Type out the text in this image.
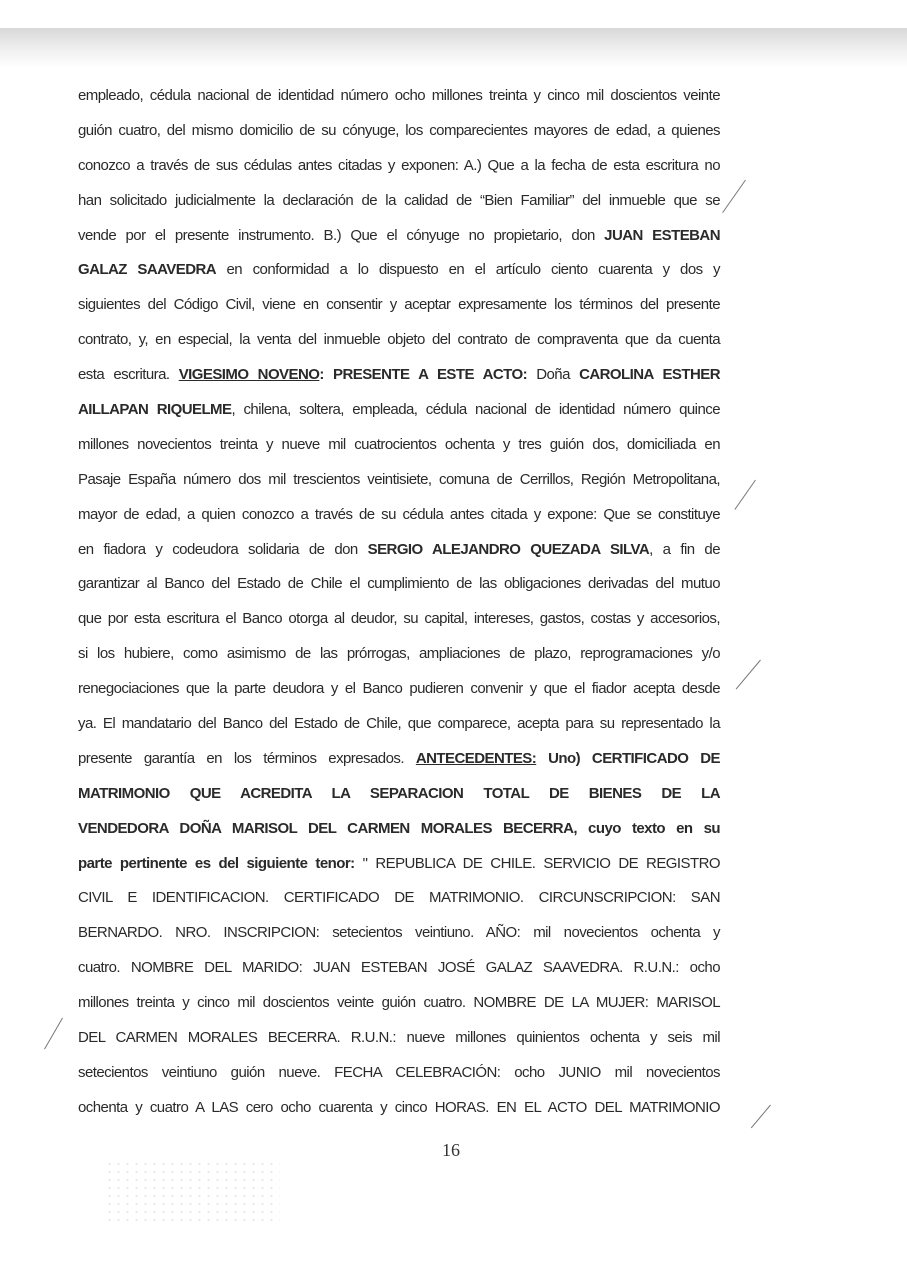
empleado, cédula nacional de identidad número ocho millones treinta y cinco mil doscientos veinte
guión cuatro, del mismo domicilio de su cónyuge, los comparecientes mayores de edad, a quienes
conozco a través de sus cédulas antes citadas y exponen: A.) Que a la fecha de esta escritura no
han solicitado judicialmente la declaración de la calidad de “Bien Familiar” del inmueble que se
vende por el presente instrumento. B.) Que el cónyuge no propietario, don JUAN ESTEBAN
GALAZ SAAVEDRA en conformidad a lo dispuesto en el artículo ciento cuarenta y dos y
siguientes del Código Civil, viene en consentir y aceptar expresamente los términos del presente
contrato, y, en especial, la venta del inmueble objeto del contrato de compraventa que da cuenta
esta escritura. VIGESIMO NOVENO: PRESENTE A ESTE ACTO: Doña CAROLINA ESTHER
AILLAPAN RIQUELME, chilena, soltera, empleada, cédula nacional de identidad número quince
millones novecientos treinta y nueve mil cuatrocientos ochenta y tres guión dos, domiciliada en
Pasaje España número dos mil trescientos veintisiete, comuna de Cerrillos, Región Metropolitana,
mayor de edad, a quien conozco a través de su cédula antes citada y expone: Que se constituye
en fiadora y codeudora solidaria de don SERGIO ALEJANDRO QUEZADA SILVA, a fin de
garantizar al Banco del Estado de Chile el cumplimiento de las obligaciones derivadas del mutuo
que por esta escritura el Banco otorga al deudor, su capital, intereses, gastos, costas y accesorios,
si los hubiere, como asimismo de las prórrogas, ampliaciones de plazo, reprogramaciones y/o
renegociaciones que la parte deudora y el Banco pudieren convenir y que el fiador acepta desde
ya. El mandatario del Banco del Estado de Chile, que comparece, acepta para su representado la
presente garantía en los términos expresados. ANTECEDENTES: Uno) CERTIFICADO DE
MATRIMONIO QUE ACREDITA LA SEPARACION TOTAL DE BIENES DE LA
VENDEDORA DOÑA MARISOL DEL CARMEN MORALES BECERRA, cuyo texto en su
parte pertinente es del siguiente tenor: " REPUBLICA DE CHILE. SERVICIO DE REGISTRO
CIVIL E IDENTIFICACION. CERTIFICADO DE MATRIMONIO. CIRCUNSCRIPCION: SAN
BERNARDO. NRO. INSCRIPCION: setecientos veintiuno. AÑO: mil novecientos ochenta y
cuatro. NOMBRE DEL MARIDO: JUAN ESTEBAN JOSÉ GALAZ SAAVEDRA. R.U.N.: ocho
millones treinta y cinco mil doscientos veinte guión cuatro. NOMBRE DE LA MUJER: MARISOL
DEL CARMEN MORALES BECERRA. R.U.N.: nueve millones quinientos ochenta y seis mil
setecientos veintiuno guión nueve. FECHA CELEBRACIÓN: ocho JUNIO mil novecientos
ochenta y cuatro A LAS cero ocho cuarenta y cinco HORAS. EN EL ACTO DEL MATRIMONIO
16
